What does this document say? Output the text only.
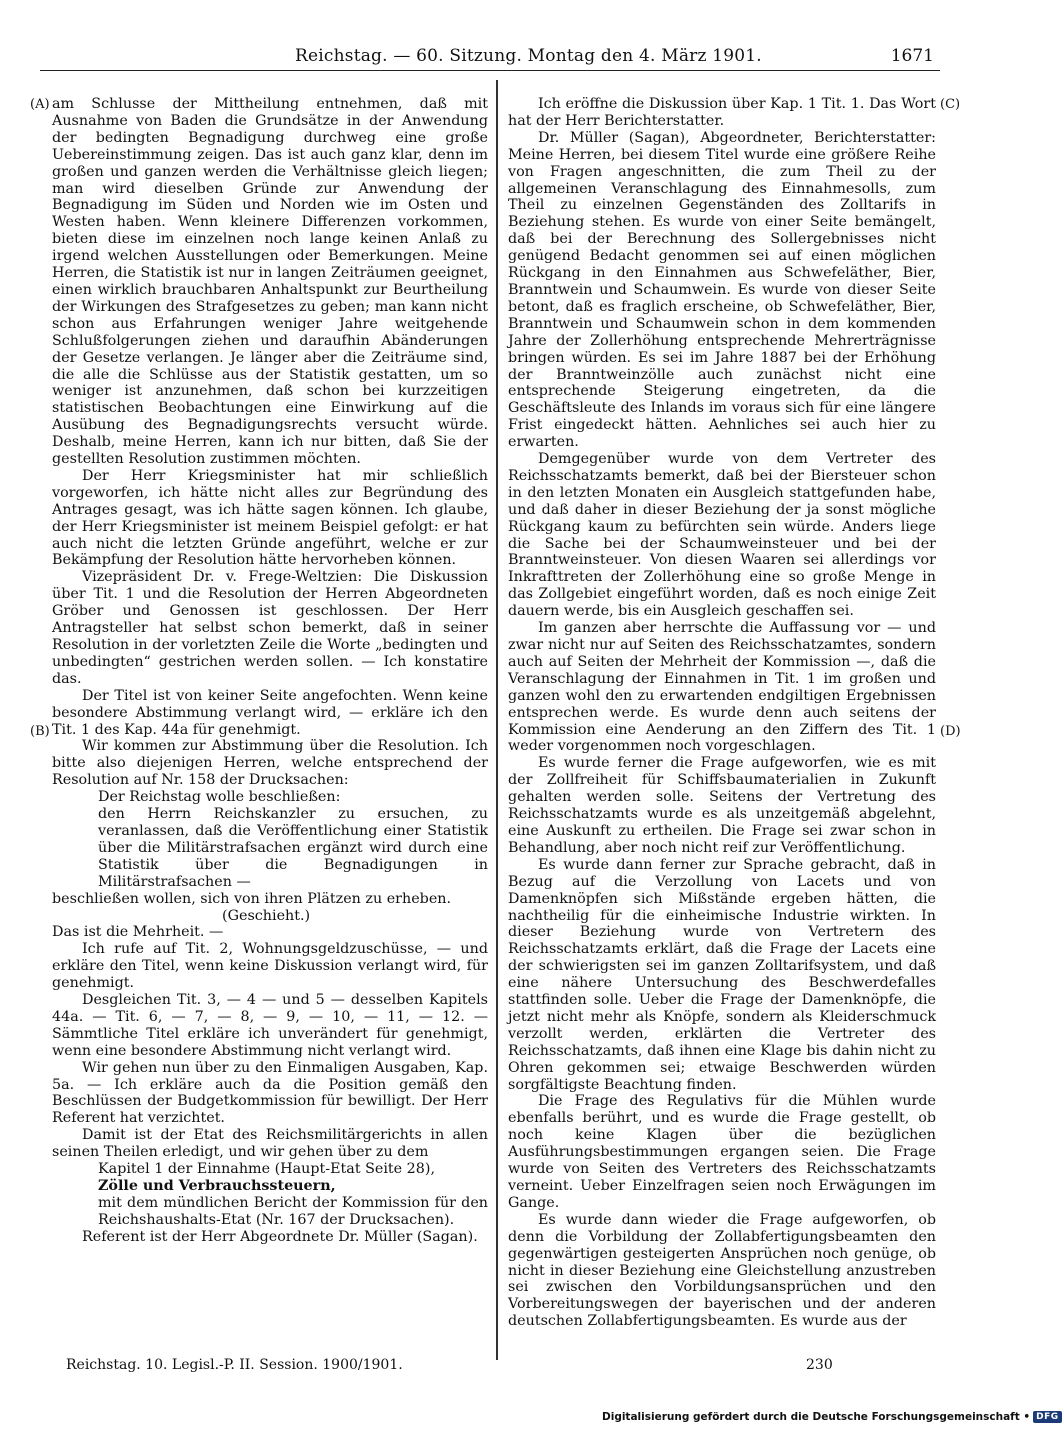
Reichstag. — 60. Sitzung. Montag den 4. März 1901.	1671
(A)
(B)
(C)
(D)

am Schlusse der Mittheilung entnehmen, daß mit Ausnahme von Baden die Grundsätze in der Anwendung der bedingten Begnadigung durchweg eine große Uebereinstimmung zeigen. Das ist auch ganz klar, denn im großen und ganzen werden die Verhältnisse gleich liegen; man wird dieselben Gründe zur Anwendung der Begnadigung im Süden und Norden wie im Osten und Westen haben. Wenn kleinere Differenzen vorkommen, bieten diese im einzelnen noch lange keinen Anlaß zu irgend welchen Ausstellungen oder Bemerkungen. Meine Herren, die Statistik ist nur in langen Zeiträumen geeignet, einen wirklich brauchbaren Anhaltspunkt zur Beurtheilung der Wirkungen des Strafgesetzes zu geben; man kann nicht schon aus Erfahrungen weniger Jahre weitgehende Schlußfolgerungen ziehen und daraufhin Abänderungen der Gesetze verlangen. Je länger aber die Zeiträume sind, die alle die Schlüsse aus der Statistik gestatten, um so weniger ist anzunehmen, daß schon bei kurzzeitigen statistischen Beobachtungen eine Einwirkung auf die Ausübung des Begnadigungsrechts versucht würde. Deshalb, meine Herren, kann ich nur bitten, daß Sie der gestellten Resolution zustimmen möchten.

Der Herr Kriegsminister hat mir schließlich vorgeworfen, ich hätte nicht alles zur Begründung des Antrages gesagt, was ich hätte sagen können. Ich glaube, der Herr Kriegsminister ist meinem Beispiel gefolgt: er hat auch nicht die letzten Gründe angeführt, welche er zur Bekämpfung der Resolution hätte hervorheben können.

Vizepräsident Dr. v. Frege-Weltzien: Die Diskussion über Tit. 1 und die Resolution der Herren Abgeordneten Gröber und Genossen ist geschlossen. Der Herr Antragsteller hat selbst schon bemerkt, daß in seiner Resolution in der vorletzten Zeile die Worte „bedingten und unbedingten“ gestrichen werden sollen. — Ich konstatire das.

Der Titel ist von keiner Seite angefochten. Wenn keine besondere Abstimmung verlangt wird, — erkläre ich den Tit. 1 des Kap. 44a für genehmigt.

Wir kommen zur Abstimmung über die Resolution. Ich bitte also diejenigen Herren, welche entsprechend der Resolution auf Nr. 158 der Drucksachen:

Der Reichstag wolle beschließen:

den Herrn Reichskanzler zu ersuchen, zu veranlassen, daß die Veröffentlichung einer Statistik über die Militärstrafsachen ergänzt wird durch eine Statistik über die Begnadigungen in Militärstrafsachen —

beschließen wollen, sich von ihren Plätzen zu erheben.

(Geschieht.)

Das ist die Mehrheit. —

Ich rufe auf Tit. 2, Wohnungsgeldzuschüsse, — und erkläre den Titel, wenn keine Diskussion verlangt wird, für genehmigt.

Desgleichen Tit. 3, — 4 — und 5 — desselben Kapitels 44a. — Tit. 6, — 7, — 8, — 9, — 10, — 11, — 12. — Sämmtliche Titel erkläre ich unverändert für genehmigt, wenn eine besondere Abstimmung nicht verlangt wird.

Wir gehen nun über zu den Einmaligen Ausgaben, Kap. 5a. — Ich erkläre auch da die Position gemäß den Beschlüssen der Budgetkommission für bewilligt. Der Herr Referent hat verzichtet.

Damit ist der Etat des Reichsmilitärgerichts in allen seinen Theilen erledigt, und wir gehen über zu dem

Kapitel 1 der Einnahme (Haupt-Etat Seite 28),

Zölle und Verbrauchssteuern,

mit dem mündlichen Bericht der Kommission für den Reichshaushalts-Etat (Nr. 167 der Drucksachen).

Referent ist der Herr Abgeordnete Dr. Müller (Sagan).

Ich eröffne die Diskussion über Kap. 1 Tit. 1. Das Wort hat der Herr Berichterstatter.

Dr. Müller (Sagan), Abgeordneter, Berichterstatter: Meine Herren, bei diesem Titel wurde eine größere Reihe von Fragen angeschnitten, die zum Theil zu der allgemeinen Veranschlagung des Einnahmesolls, zum Theil zu einzelnen Gegenständen des Zolltarifs in Beziehung stehen. Es wurde von einer Seite bemängelt, daß bei der Berechnung des Sollergebnisses nicht genügend Bedacht genommen sei auf einen möglichen Rückgang in den Einnahmen aus Schwefeläther, Bier, Branntwein und Schaumwein. Es wurde von dieser Seite betont, daß es fraglich erscheine, ob Schwefeläther, Bier, Branntwein und Schaumwein schon in dem kommenden Jahre der Zollerhöhung entsprechende Mehrerträgnisse bringen würden. Es sei im Jahre 1887 bei der Erhöhung der Branntweinzölle auch zunächst nicht eine entsprechende Steigerung eingetreten, da die Geschäftsleute des Inlands im voraus sich für eine längere Frist eingedeckt hätten. Aehnliches sei auch hier zu erwarten.

Demgegenüber wurde von dem Vertreter des Reichsschatzamts bemerkt, daß bei der Biersteuer schon in den letzten Monaten ein Ausgleich stattgefunden habe, und daß daher in dieser Beziehung der ja sonst mögliche Rückgang kaum zu befürchten sein würde. Anders liege die Sache bei der Schaumweinsteuer und bei der Branntweinsteuer. Von diesen Waaren sei allerdings vor Inkrafttreten der Zollerhöhung eine so große Menge in das Zollgebiet eingeführt worden, daß es noch einige Zeit dauern werde, bis ein Ausgleich geschaffen sei.

Im ganzen aber herrschte die Auffassung vor — und zwar nicht nur auf Seiten des Reichsschatzamtes, sondern auch auf Seiten der Mehrheit der Kommission —, daß die Veranschlagung der Einnahmen in Tit. 1 im großen und ganzen wohl den zu erwartenden endgiltigen Ergebnissen entsprechen werde. Es wurde denn auch seitens der Kommission eine Aenderung an den Ziffern des Tit. 1 weder vorgenommen noch vorgeschlagen.

Es wurde ferner die Frage aufgeworfen, wie es mit der Zollfreiheit für Schiffsbaumaterialien in Zukunft gehalten werden solle. Seitens der Vertretung des Reichsschatzamts wurde es als unzeitgemäß abgelehnt, eine Auskunft zu ertheilen. Die Frage sei zwar schon in Behandlung, aber noch nicht reif zur Veröffentlichung.

Es wurde dann ferner zur Sprache gebracht, daß in Bezug auf die Verzollung von Lacets und von Damenknöpfen sich Mißstände ergeben hätten, die nachtheilig für die einheimische Industrie wirkten. In dieser Beziehung wurde von Vertretern des Reichsschatzamts erklärt, daß die Frage der Lacets eine der schwierigsten sei im ganzen Zolltarifsystem, und daß eine nähere Untersuchung des Beschwerdefalles stattfinden solle. Ueber die Frage der Damenknöpfe, die jetzt nicht mehr als Knöpfe, sondern als Kleiderschmuck verzollt werden, erklärten die Vertreter des Reichsschatzamts, daß ihnen eine Klage bis dahin nicht zu Ohren gekommen sei; etwaige Beschwerden würden sorgfältigste Beachtung finden.

Die Frage des Regulativs für die Mühlen wurde ebenfalls berührt, und es wurde die Frage gestellt, ob noch keine Klagen über die bezüglichen Ausführungsbestimmungen ergangen seien. Die Frage wurde von Seiten des Vertreters des Reichsschatzamts verneint. Ueber Einzelfragen seien noch Erwägungen im Gange.

Es wurde dann wieder die Frage aufgeworfen, ob denn die Vorbildung der Zollabfertigungsbeamten den gegenwärtigen gesteigerten Ansprüchen noch genüge, ob nicht in dieser Beziehung eine Gleichstellung anzustreben sei zwischen den Vorbildungsansprüchen und den Vorbereitungswegen der bayerischen und der anderen deutschen Zollabfertigungsbeamten. Es wurde aus der

Reichstag. 10. Legisl.-P. II. Session. 1900/1901.	230
Digitalisierung gefördert durch die Deutsche Forschungsgemeinschaft • DFG
